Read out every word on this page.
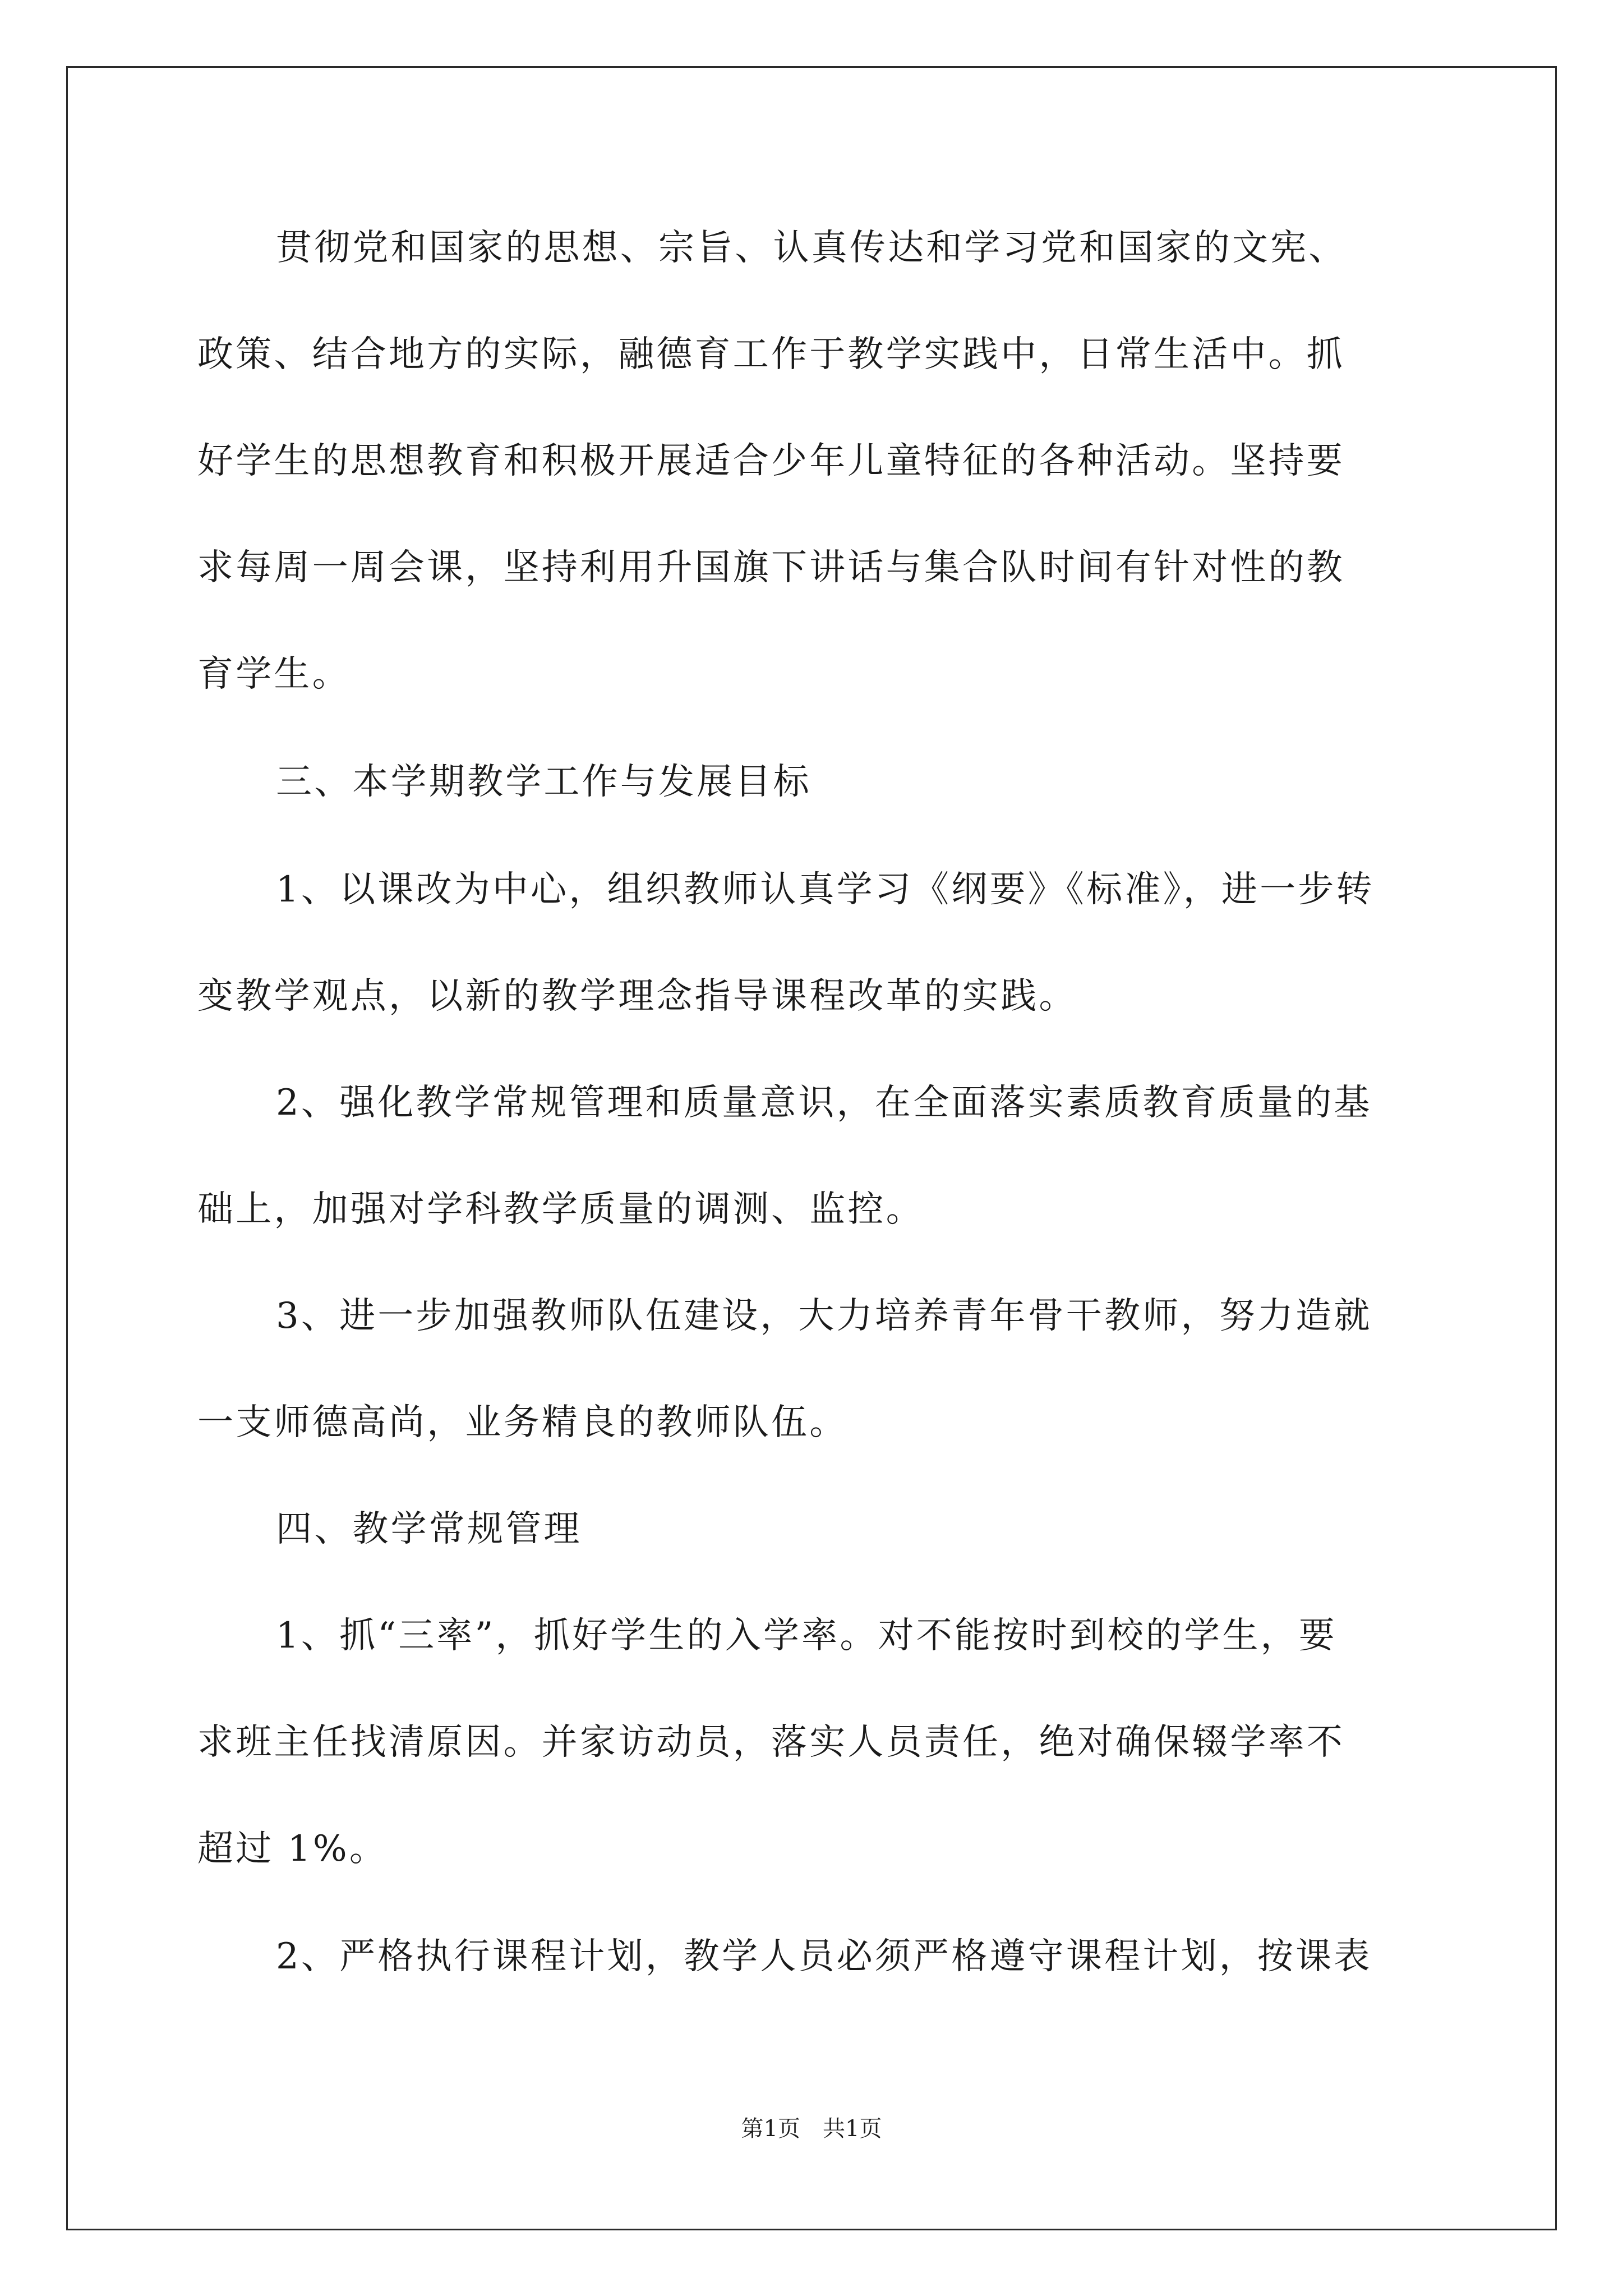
贯彻党和国家的思想、宗旨、认真传达和学习党和国家的文宪、
政策、结合地方的实际，融德育工作于教学实践中，日常生活中。抓
好学生的思想教育和积极开展适合少年儿童特征的各种活动。坚持要
求每周一周会课，坚持利用升国旗下讲话与集合队时间有针对性的教
育学生。
三、本学期教学工作与发展目标
1、以课改为中心，组织教师认真学习《纲要》《标准》，进一步转
变教学观点，以新的教学理念指导课程改革的实践。
2、强化教学常规管理和质量意识，在全面落实素质教育质量的基
础上，加强对学科教学质量的调测、监控。
3、进一步加强教师队伍建设，大力培养青年骨干教师，努力造就
一支师德高尚，业务精良的教师队伍。
四、教学常规管理
1、抓“三率”，抓好学生的入学率。对不能按时到校的学生，要
求班主任找清原因。并家访动员，落实人员责任，绝对确保辍学率不
超过 1%。
2、严格执行课程计划，教学人员必须严格遵守课程计划，按课表
第1页　共1页
